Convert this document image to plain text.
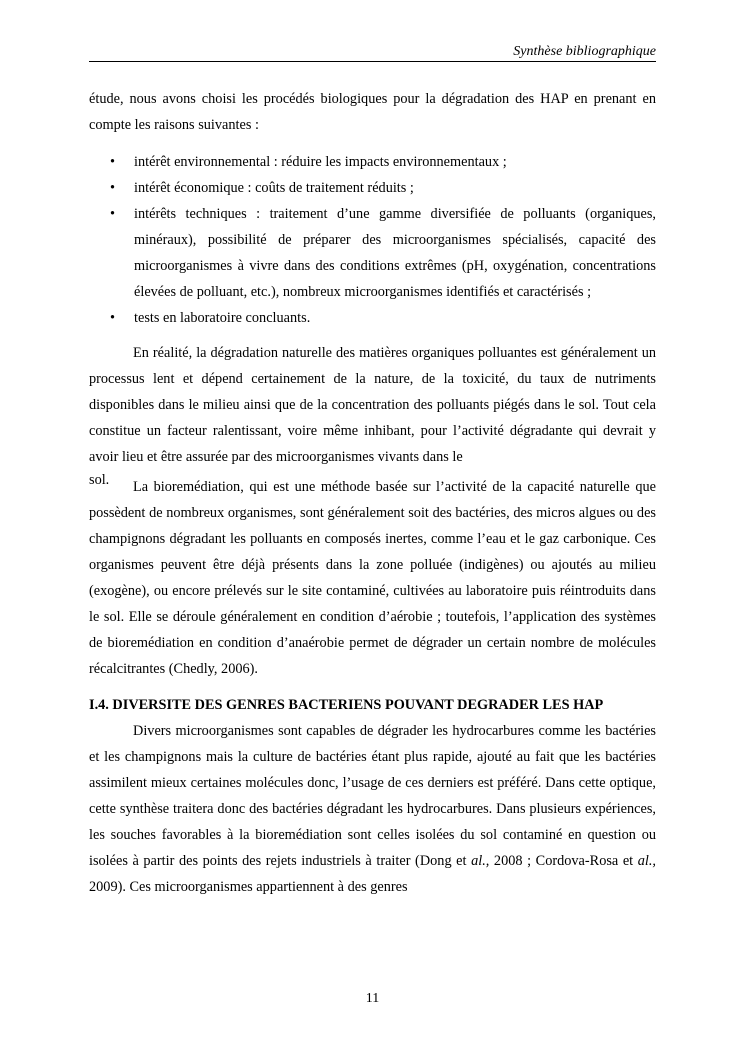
Synthèse bibliographique

étude, nous avons choisi les procédés biologiques pour la dégradation des HAP en prenant en compte les raisons suivantes :

• intérêt environnemental : réduire les impacts environnementaux ;
• intérêt économique : coûts de traitement réduits ;
• intérêts techniques : traitement d’une gamme diversifiée de polluants (organiques, minéraux), possibilité de préparer des microorganismes spécialisés, capacité des microorganismes à vivre dans des conditions extrêmes (pH, oxygénation, concentrations élevées de polluant, etc.), nombreux microorganismes identifiés et caractérisés ;
• tests en laboratoire concluants.

En réalité, la dégradation naturelle des matières organiques polluantes est généralement un processus lent et dépend certainement de la nature, de la toxicité, du taux de nutriments disponibles dans le milieu ainsi que de la concentration des polluants piégés dans le sol. Tout cela constitue un facteur ralentissant, voire même inhibant, pour l’activité dégradante qui devrait y avoir lieu et être assurée par des microorganismes vivants dans le

sol.	La bioremédiation, qui est une méthode basée sur l’activité de la capacité naturelle que possèdent de nombreux organismes, sont généralement soit des bactéries, des micros algues ou des champignons dégradant les polluants en composés inertes, comme l’eau et le gaz carbonique. Ces organismes peuvent être déjà présents dans la zone polluée (indigènes) ou ajoutés au milieu (exogène), ou encore prélevés sur le site contaminé, cultivées au laboratoire puis réintroduits dans le sol. Elle se déroule généralement en condition d’aérobie ; toutefois, l’application des systèmes de bioremédiation en condition d’anaérobie permet de dégrader un certain nombre de molécules récalcitrantes (Chedly, 2006).

I.4. DIVERSITE DES GENRES BACTERIENS POUVANT DEGRADER LES HAP

Divers microorganismes sont capables de dégrader les hydrocarbures comme les bactéries et les champignons mais la culture de bactéries étant plus rapide, ajouté au fait que les bactéries assimilent mieux certaines molécules donc, l’usage de ces derniers est préféré. Dans cette optique, cette synthèse traitera donc des bactéries dégradant les hydrocarbures. Dans plusieurs expériences, les souches favorables à la bioremédiation sont celles isolées du sol contaminé en question ou isolées à partir des points des rejets industriels à traiter (Dong et al., 2008 ; Cordova-Rosa et al., 2009). Ces microorganismes appartiennent à des genres

11
